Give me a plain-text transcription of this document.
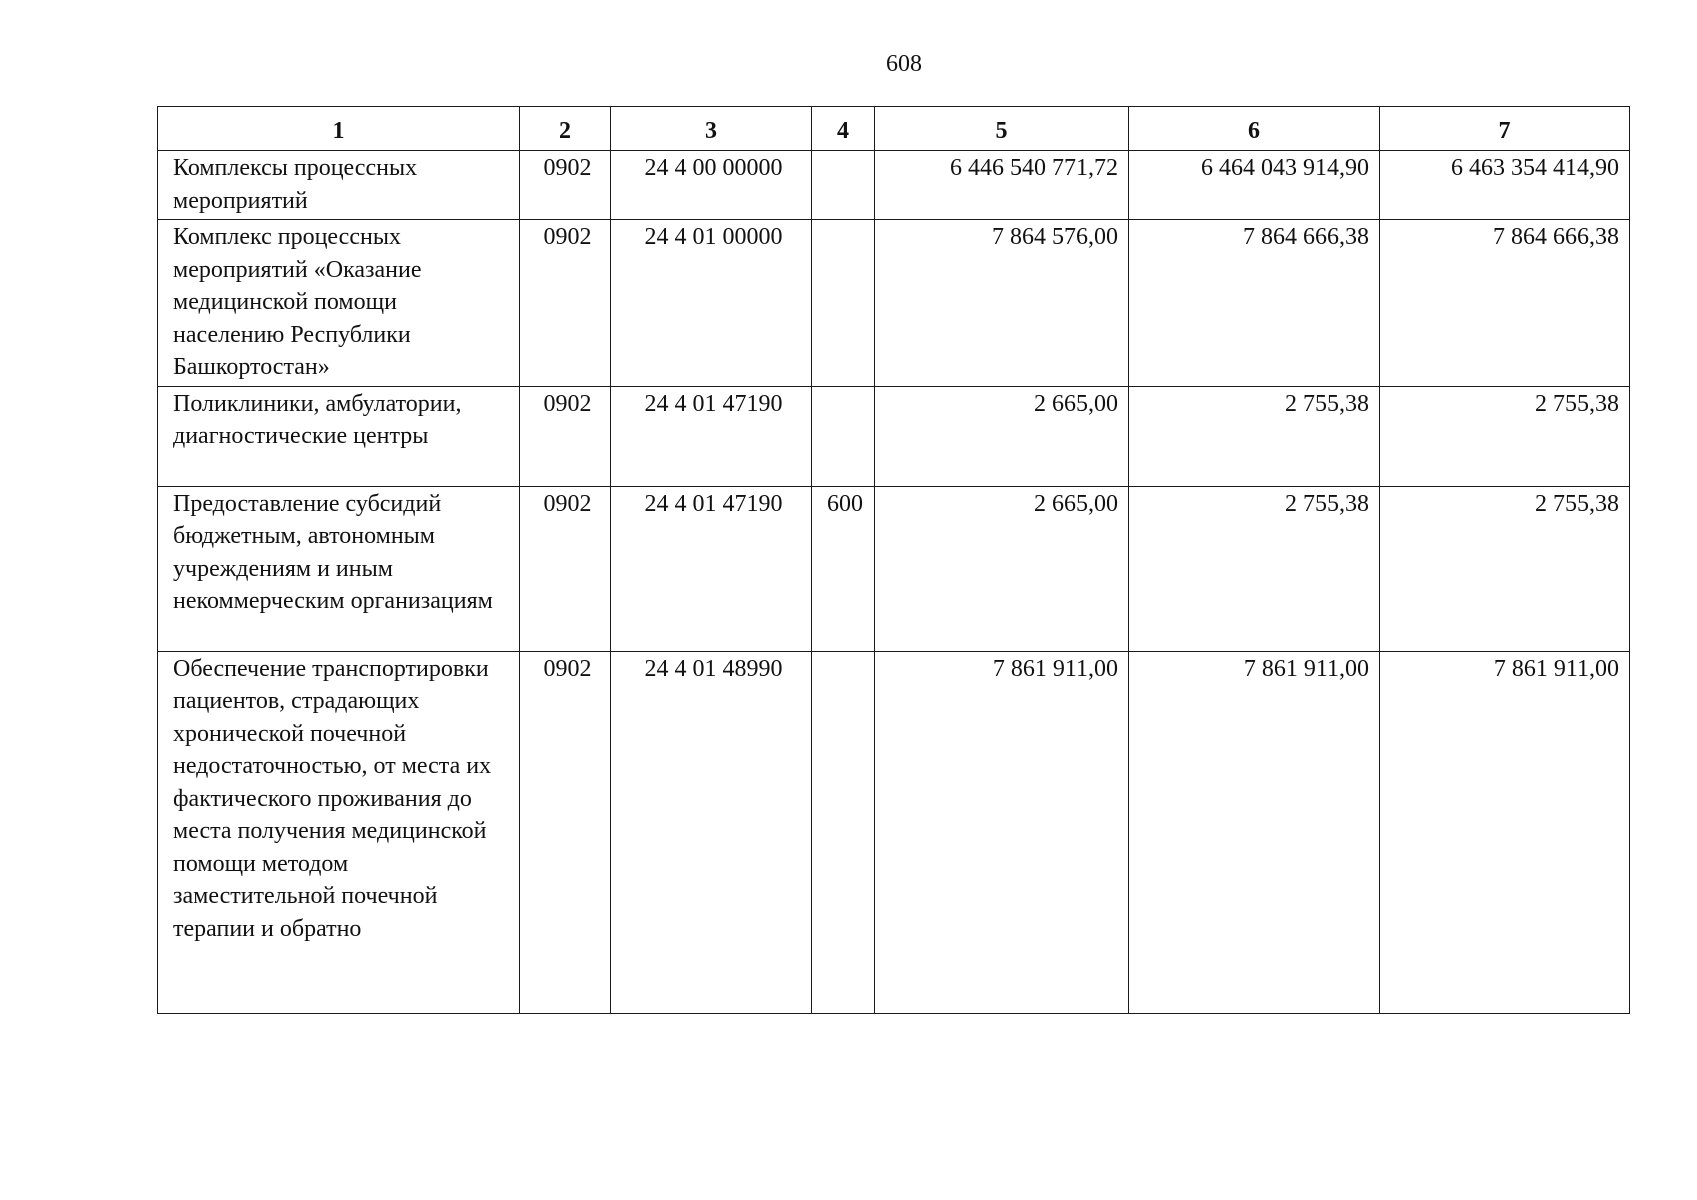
608
1	2	3	4	5	6	7
Комплексы процессных мероприятий	0902	24 4 00 00000		6 446 540 771,72	6 464 043 914,90	6 463 354 414,90
Комплекс процессных мероприятий «Оказание медицинской помощи населению Республики Башкортостан»	0902	24 4 01 00000		7 864 576,00	7 864 666,38	7 864 666,38
Поликлиники, амбулатории, диагностические центры	0902	24 4 01 47190		2 665,00	2 755,38	2 755,38
Предоставление субсидий бюджетным, автономным учреждениям и иным некоммерческим организациям	0902	24 4 01 47190	600	2 665,00	2 755,38	2 755,38
Обеспечение транспортировки пациентов, страдающих хронической почечной недостаточностью, от места их фактического проживания до места получения медицинской помощи методом заместительной почечной терапии и обратно	0902	24 4 01 48990		7 861 911,00	7 861 911,00	7 861 911,00
